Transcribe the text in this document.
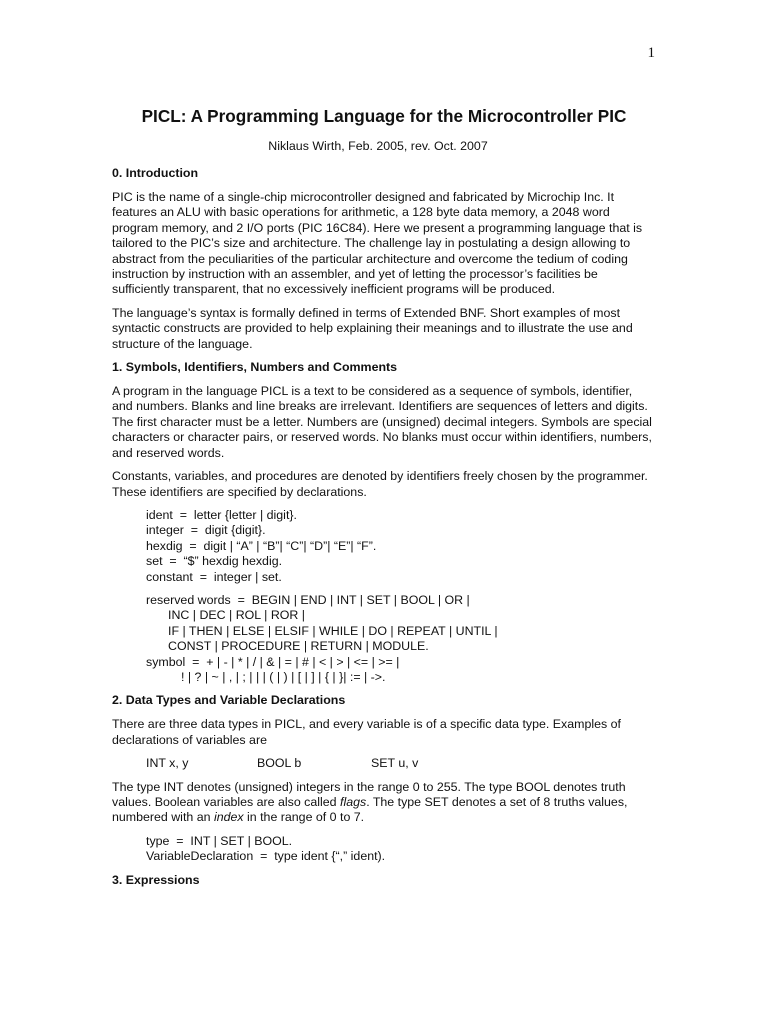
1
PICL: A Programming Language for the Microcontroller PIC
Niklaus Wirth, Feb. 2005, rev. Oct. 2007
0. Introduction

PIC is the name of a single-chip microcontroller designed and fabricated by Microchip Inc. It features an ALU with basic operations for arithmetic, a 128 byte data memory, a 2048 word program memory, and 2 I/O ports (PIC 16C84). Here we present a programming language that is tailored to the PIC’s size and architecture. The challenge lay in postulating a design allowing to abstract from the peculiarities of the particular architecture and overcome the tedium of coding instruction by instruction with an assembler, and yet of letting the processor’s facilities be sufficiently transparent, that no excessively inefficient programs will be produced.

The language’s syntax is formally defined in terms of Extended BNF. Short examples of most syntactic constructs are provided to help explaining their meanings and to illustrate the use and structure of the language.

1. Symbols, Identifiers, Numbers and Comments

A program in the language PICL is a text to be considered as a sequence of symbols, identifier, and numbers. Blanks and line breaks are irrelevant. Identifiers are sequences of letters and digits. The first character must be a letter. Numbers are (unsigned) decimal integers. Symbols are special characters or character pairs, or reserved words. No blanks must occur within identifiers, numbers, and reserved words.

Constants, variables, and procedures are denoted by identifiers freely chosen by the programmer. These identifiers are specified by declarations.

ident  =  letter {letter | digit}.
integer  =  digit {digit}.
hexdig  =  digit | “A” | “B”| “C”| “D”| “E”| “F”.
set  =  “$” hexdig hexdig.
constant  =  integer | set.
reserved words  =  BEGIN | END | INT | SET | BOOL | OR |
INC | DEC | ROL | ROR |
IF | THEN | ELSE | ELSIF | WHILE | DO | REPEAT | UNTIL |
CONST | PROCEDURE | RETURN | MODULE.
symbol  =  + | - | * | / | & | = | # | < | > | <= | >= |
! | ? | ~ | , | ; | | | ( | ) | [ | ] | { | }| := | ->.
2. Data Types and Variable Declarations

There are three data types in PICL, and every variable is of a specific data type. Examples of declarations of variables are

INT x, y	BOOL b	SET u, v

The type INT denotes (unsigned) integers in the range 0 to 255. The type BOOL denotes truth values. Boolean variables are also called flags. The type SET denotes a set of 8 truths values, numbered with an index in the range of 0 to 7.

type  =  INT | SET | BOOL.
VariableDeclaration  =  type ident {“,” ident).
3. Expressions
